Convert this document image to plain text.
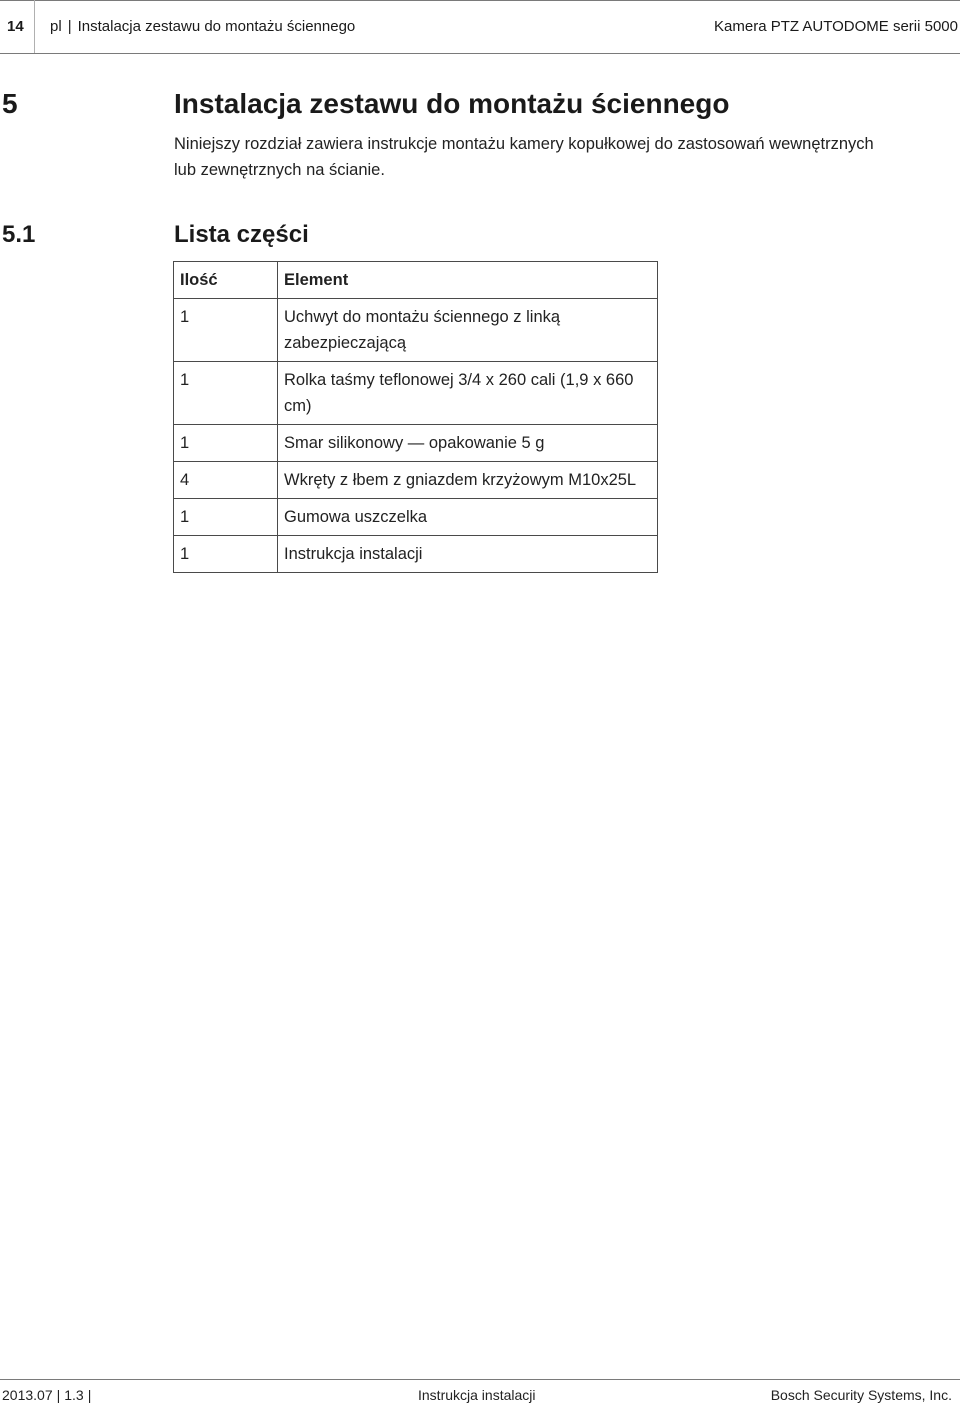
14 pl | Instalacja zestawu do montażu ściennego	Kamera PTZ AUTODOME serii 5000
5	Instalacja zestawu do montażu ściennego
Niniejszy rozdział zawiera instrukcje montażu kamery kopułkowej do zastosowań wewnętrznych lub zewnętrznych na ścianie.
5.1	Lista części
Ilość	Element
1	Uchwyt do montażu ściennego z linką zabezpieczającą
1	Rolka taśmy teflonowej 3/4 x 260 cali (1,9 x 660 cm)
1	Smar silikonowy — opakowanie 5 g
4	Wkręty z łbem z gniazdem krzyżowym M10x25L
1	Gumowa uszczelka
1	Instrukcja instalacji
2013.07 | 1.3 |	Instrukcja instalacji	Bosch Security Systems, Inc.
